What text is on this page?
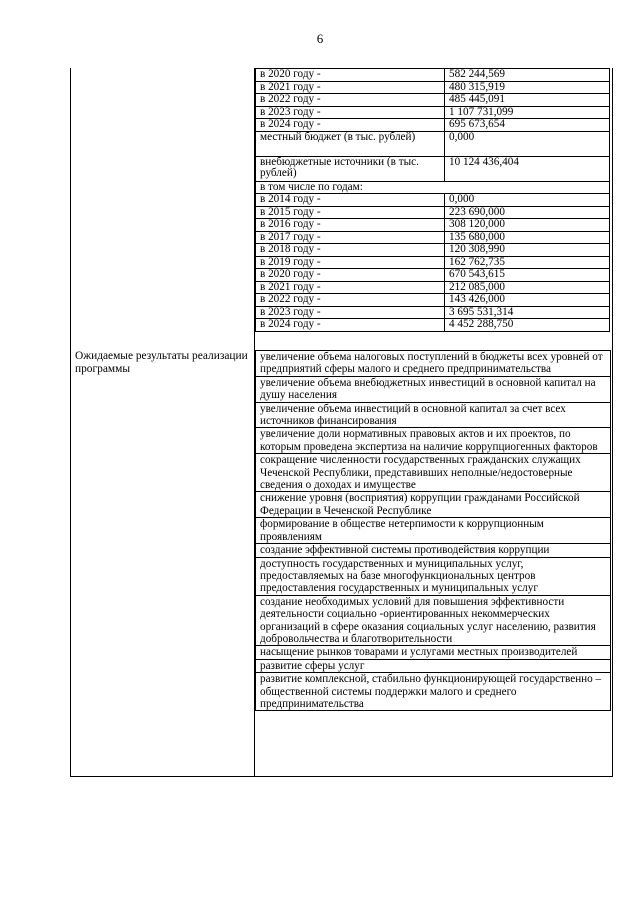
6
Ожидаемые результаты реализации программы
в 2020 году -	582 244,569
в 2021 году -	480 315,919
в 2022 году -	485 445,091
в 2023 году -	1 107 731,099
в 2024 году -	695 673,654
местный бюджет (в тыс. рублей)	0,000
внебюджетные источники (в тыс. рублей)	10 124 436,404
в том числе по годам:	
в 2014 году -	0,000
в 2015 году -	223 690,000
в 2016 году -	308 120,000
в 2017 году -	135 680,000
в 2018 году -	120 308,990
в 2019 году -	162 762,735
в 2020 году -	670 543,615
в 2021 году -	212 085,000
в 2022 году -	143 426,000
в 2023 году -	3 695 531,314
в 2024 году -	4 452 288,750
увеличение объема налоговых поступлений в бюджеты всех уровней от предприятий сферы малого и среднего предпринимательства
увеличение объема внебюджетных инвестиций в основной капитал на душу населения
увеличение объема инвестиций в основной капитал за счет всех источников финансирования
увеличение доли нормативных правовых актов и их проектов, по которым проведена экспертиза на наличие коррупциогенных факторов
сокращение численности государственных гражданских служащих Чеченской Республики, представивших неполные/недостоверные сведения о доходах и имуществе
снижение уровня (восприятия) коррупции гражданами Российской Федерации в Чеченской Республике
формирование в обществе нетерпимости к коррупционным проявлениям
создание эффективной системы противодействия коррупции
доступность государственных и муниципальных услуг, предоставляемых на базе многофункциональных центров предоставления государственных и муниципальных услуг
создание необходимых условий для повышения эффективности деятельности социально -ориентированных некоммерческих организаций в сфере оказания социальных услуг населению, развития добровольчества и благотворительности
насыщение рынков товарами и услугами местных производителей
развитие сферы услуг
развитие комплексной, стабильно функционирующей государственно – общественной системы поддержки малого и среднего предпринимательства
